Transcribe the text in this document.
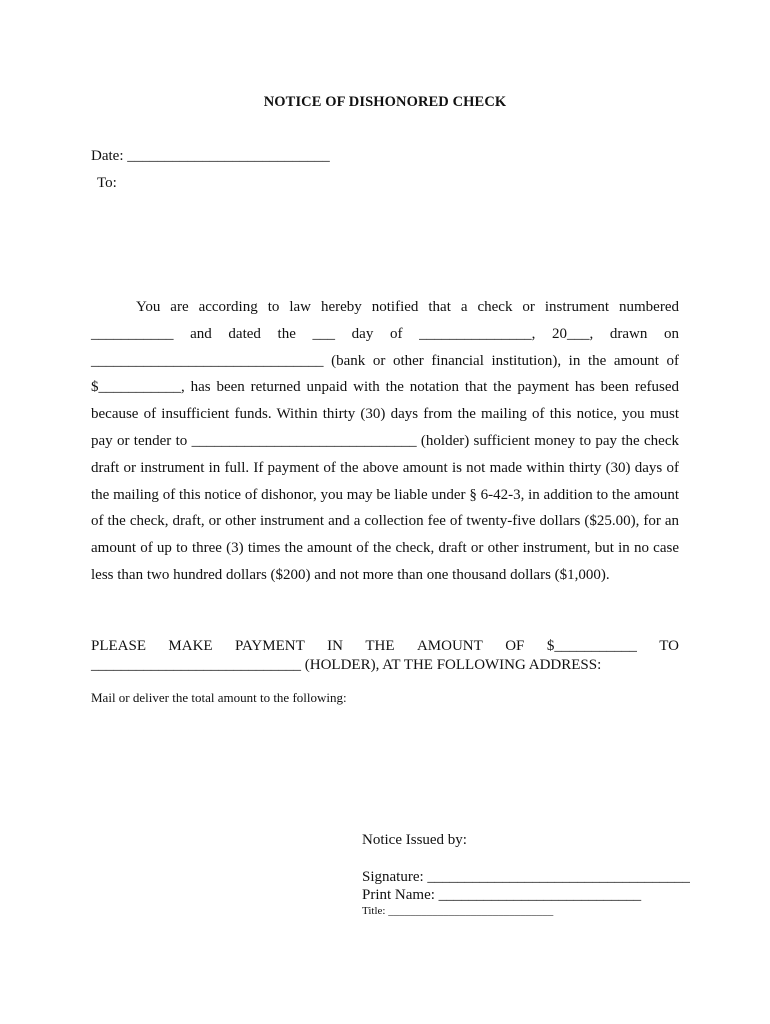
NOTICE OF DISHONORED CHECK
Date: ___________________________
To:

You are according to law hereby notified that a check or instrument numbered ___________ and dated the ___ day of _______________, 20___, drawn on _______________________________ (bank or other financial institution), in the amount of $___________, has been returned unpaid with the notation that the payment has been refused because of insufficient funds. Within thirty (30) days from the mailing of this notice, you must pay or tender to ______________________________ (holder) sufficient money to pay the check draft or instrument in full. If payment of the above amount is not made within thirty (30) days of the mailing of this notice of dishonor, you may be liable under § 6-42-3, in addition to the amount of the check, draft, or other instrument and a collection fee of twenty-five dollars ($25.00), for an amount of up to three (3) times the amount of the check, draft or other instrument, but in no case less than two hundred dollars ($200) and not more than one thousand dollars ($1,000).

PLEASE MAKE PAYMENT IN THE AMOUNT OF $___________ TO
____________________________ (HOLDER), AT THE FOLLOWING ADDRESS:
Mail or deliver the total amount to the following:
Notice Issued by:
Signature: ___________________________________
Print Name: ___________________________
Title: ______________________________
